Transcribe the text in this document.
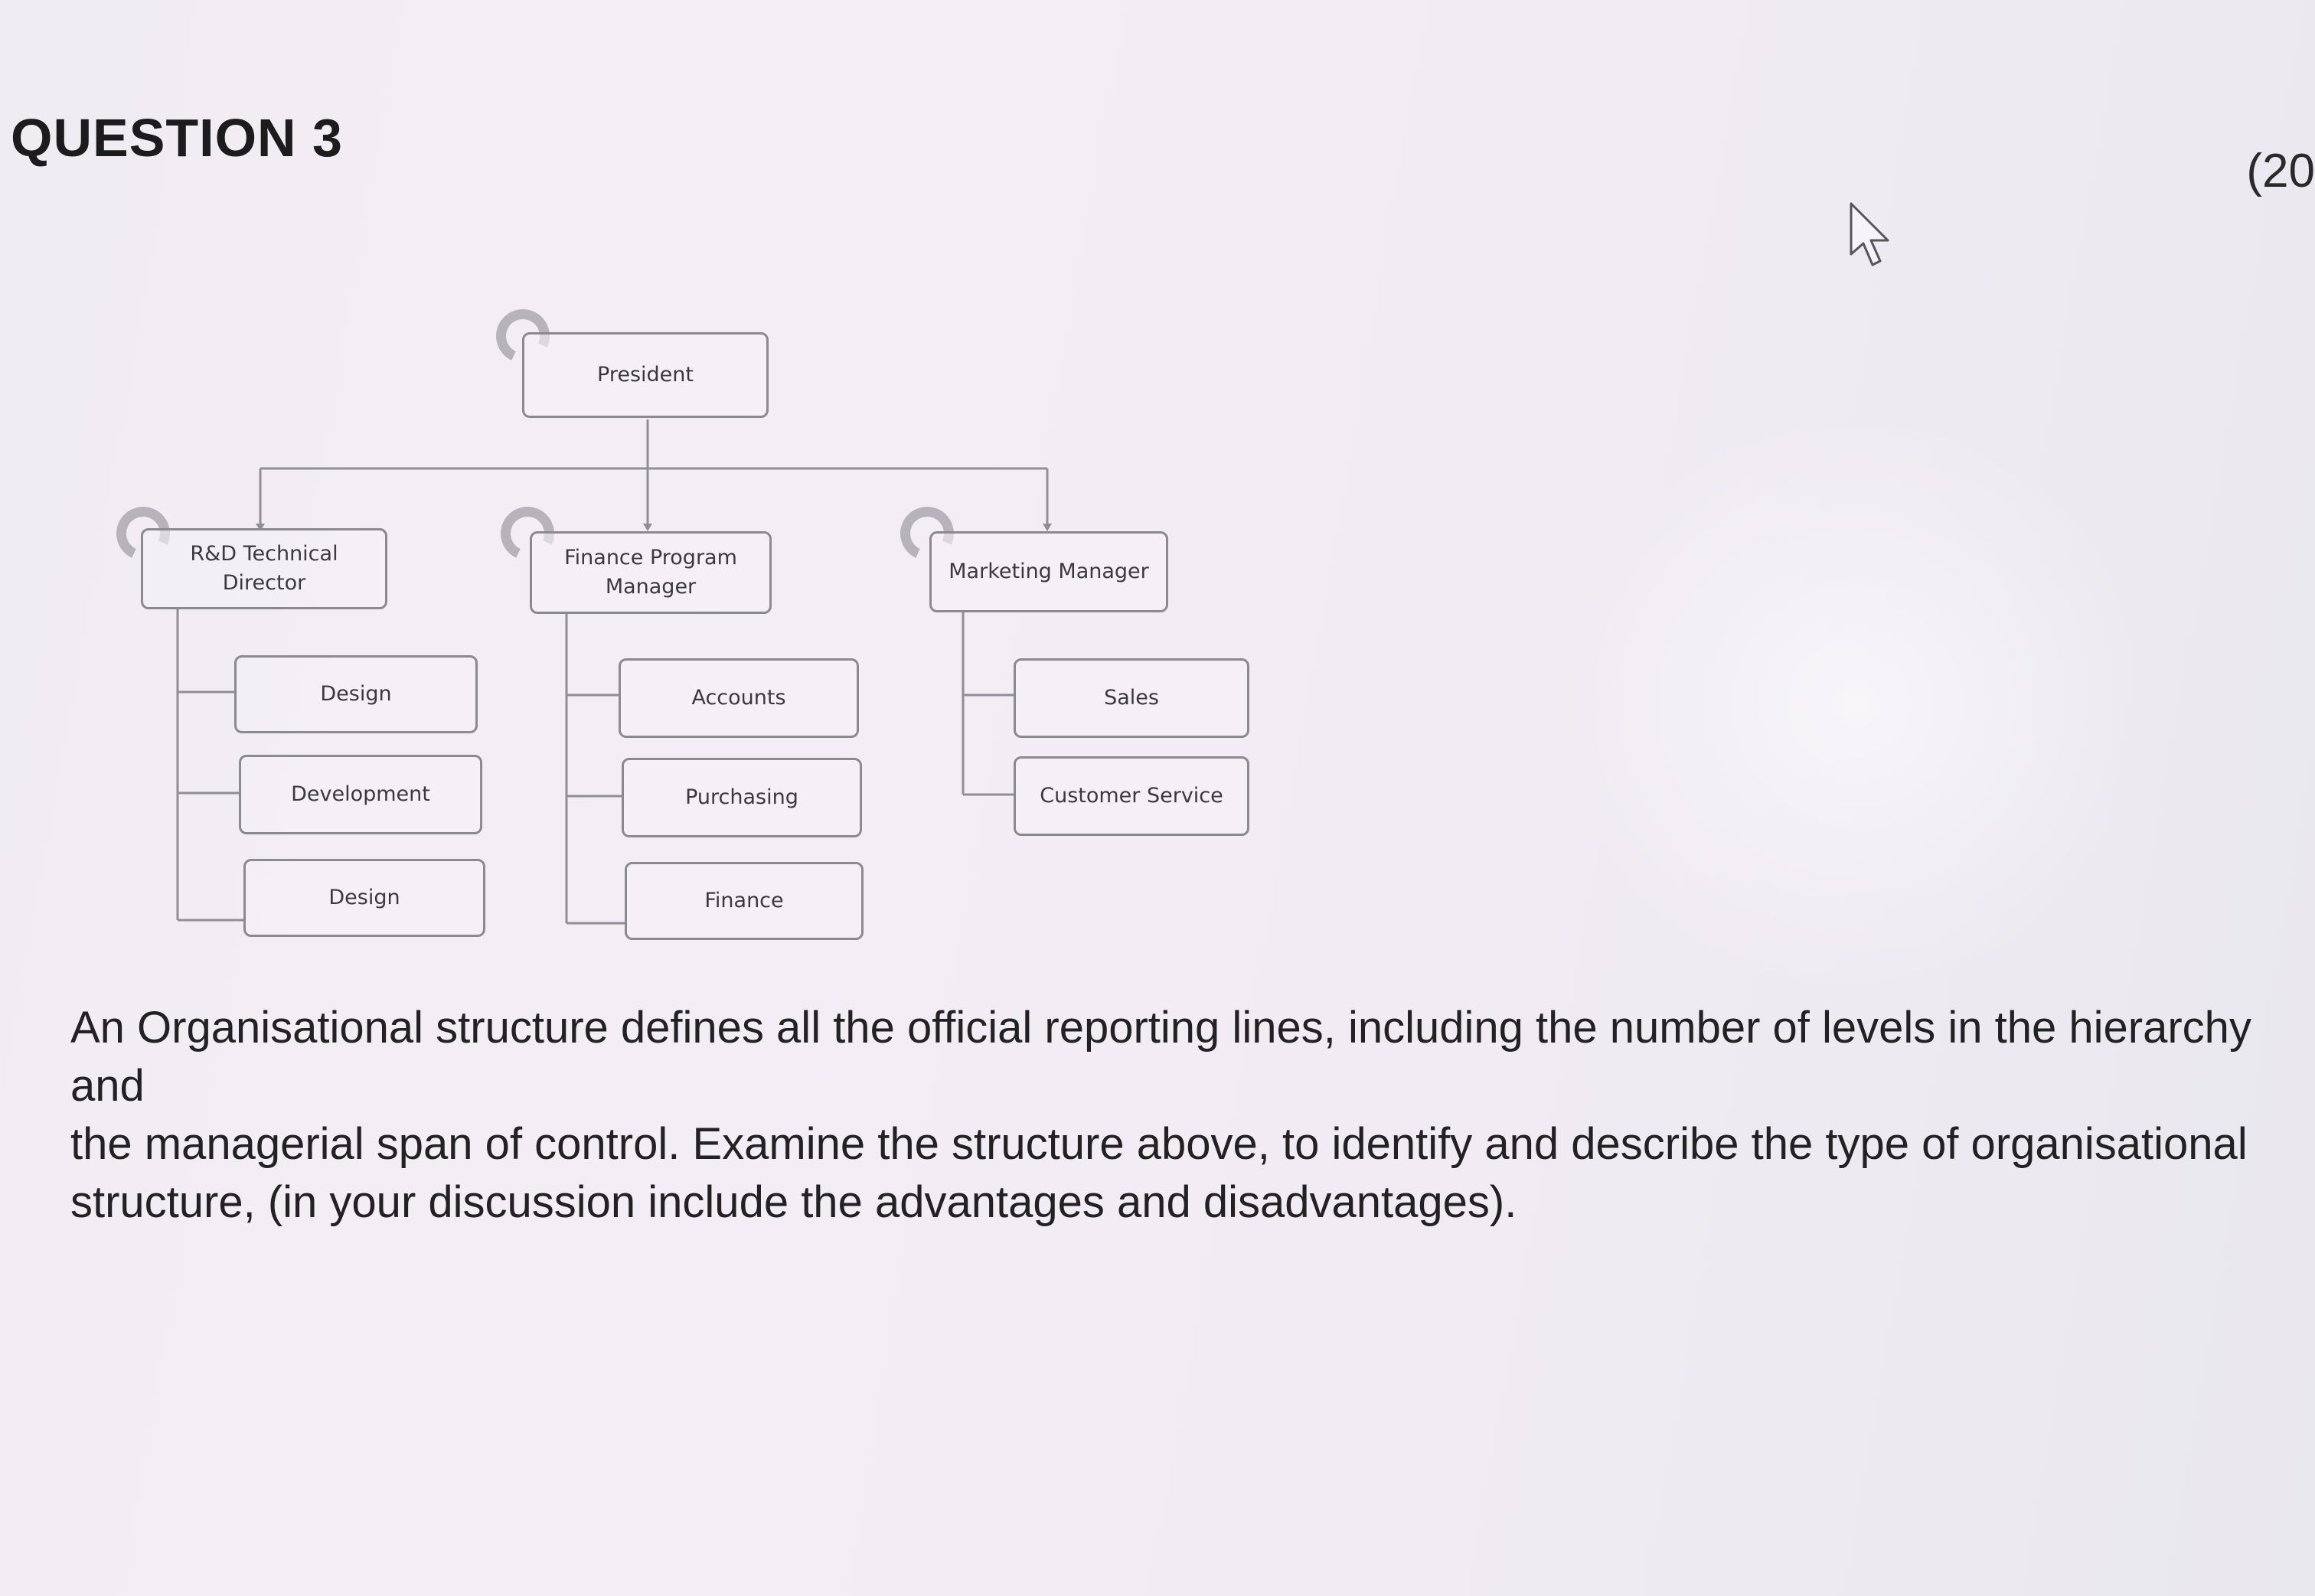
QUESTION 3
(20
President
R&D Technical
Director
Finance Program
Manager
Marketing Manager
Design
Development
Design
Accounts
Purchasing
Finance
Sales
Customer Service
An Organisational structure defines all the official reporting lines, including the number of levels in the hierarchy and
the managerial span of control. Examine the structure above, to identify and describe the type of organisational
structure, (in your discussion include the advantages and disadvantages).
